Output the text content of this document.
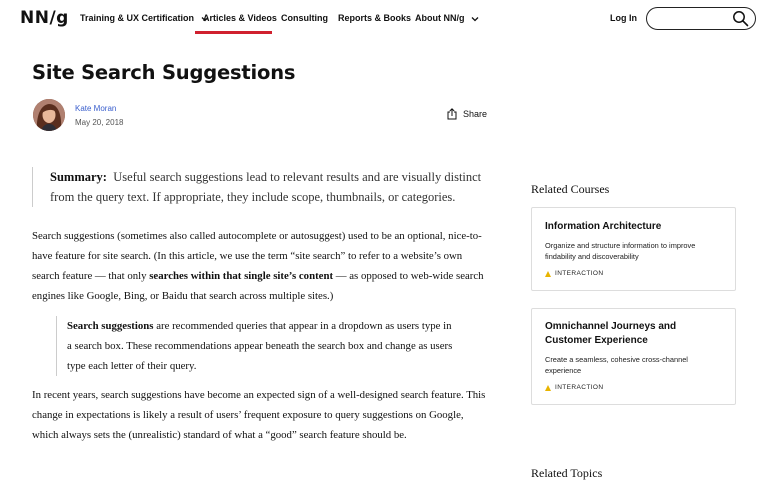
NN/g Training & UX Certification Articles & Videos Consulting Reports & Books About NN/g	Log In
Site Search Suggestions
Kate Moran
May 20, 2018
Share
Summary: Useful search suggestions lead to relevant results and are visually distinct from the query text. If appropriate, they include scope, thumbnails, or categories.
Search suggestions (sometimes also called autocomplete or autosuggest) used to be an optional, nice-to-have feature for site search. (In this article, we use the term “site search” to refer to a website’s own search feature — that only searches within that single site’s content — as opposed to web-wide search engines like Google, Bing, or Baidu that search across multiple sites.)
Search suggestions are recommended queries that appear in a dropdown as users type in a search box. These recommendations appear beneath the search box and change as users type each letter of their query.
In recent years, search suggestions have become an expected sign of a well-designed search feature. This change in expectations is likely a result of users’ frequent exposure to query suggestions on Google, which always sets the (unrealistic) standard of what a “good” search feature should be.
Related Courses
Information Architecture
Organize and structure information to improve findability and discoverability
INTERACTION
Omnichannel Journeys and Customer Experience
Create a seamless, cohesive cross-channel experience
INTERACTION
Related Topics
